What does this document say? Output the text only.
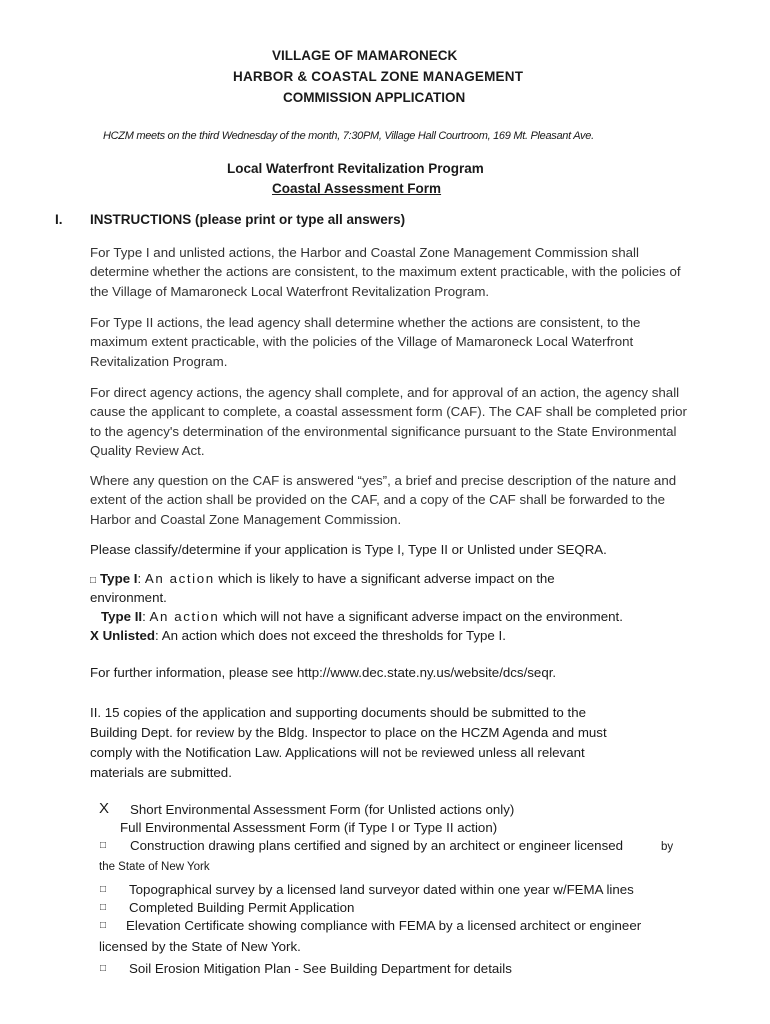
VILLAGE OF MAMARONECK
HARBOR & COASTAL ZONE MANAGEMENT
COMMISSION APPLICATION
HCZM meets on the third Wednesday of the month, 7:30PM, Village Hall Courtroom, 169 Mt. Pleasant Ave.
Local Waterfront Revitalization Program
Coastal Assessment Form
I. INSTRUCTIONS (please print or type all answers)
For Type I and unlisted actions, the Harbor and Coastal Zone Management Commission shall determine whether the actions are consistent, to the maximum extent practicable, with the policies of the Village of Mamaroneck Local Waterfront Revitalization Program.
For Type II actions, the lead agency shall determine whether the actions are consistent, to the maximum extent practicable, with the policies of the Village of Mamaroneck Local Waterfront Revitalization Program.
For direct agency actions, the agency shall complete, and for approval of an action, the agency shall cause the applicant to complete, a coastal assessment form (CAF). The CAF shall be completed prior to the agency's determination of the environmental significance pursuant to the State Environmental Quality Review Act.
Where any question on the CAF is answered “yes”, a brief and precise description of the nature and extent of the action shall be provided on the CAF, and a copy of the CAF shall be forwarded to the Harbor and Coastal Zone Management Commission.
Please classify/determine if your application is Type I, Type II or Unlisted under SEQRA.
□ Type I: An action which is likely to have a significant adverse impact on the
environment.
Type II: An action which will not have a significant adverse impact on the environment.
X Unlisted: An action which does not exceed the thresholds for Type I.
For further information, please see http://www.dec.state.ny.us/website/dcs/seqr.
II. 15 copies of the application and supporting documents should be submitted to the
Building Dept. for review by the Bldg. Inspector to place on the HCZM Agenda and must
comply with the Notification Law. Applications will not be reviewed unless all relevant
materials are submitted.
X Short Environmental Assessment Form (for Unlisted actions only)
Full Environmental Assessment Form (if Type I or Type II action)
□ Construction drawing plans certified and signed by an architect or engineer licensed	by
the State of New York
□ Topographical survey by a licensed land surveyor dated within one year w/FEMA lines
□ Completed Building Permit Application
□ Elevation Certificate showing compliance with FEMA by a licensed architect or engineer
licensed by the State of New York.
□ Soil Erosion Mitigation Plan - See Building Department for details
